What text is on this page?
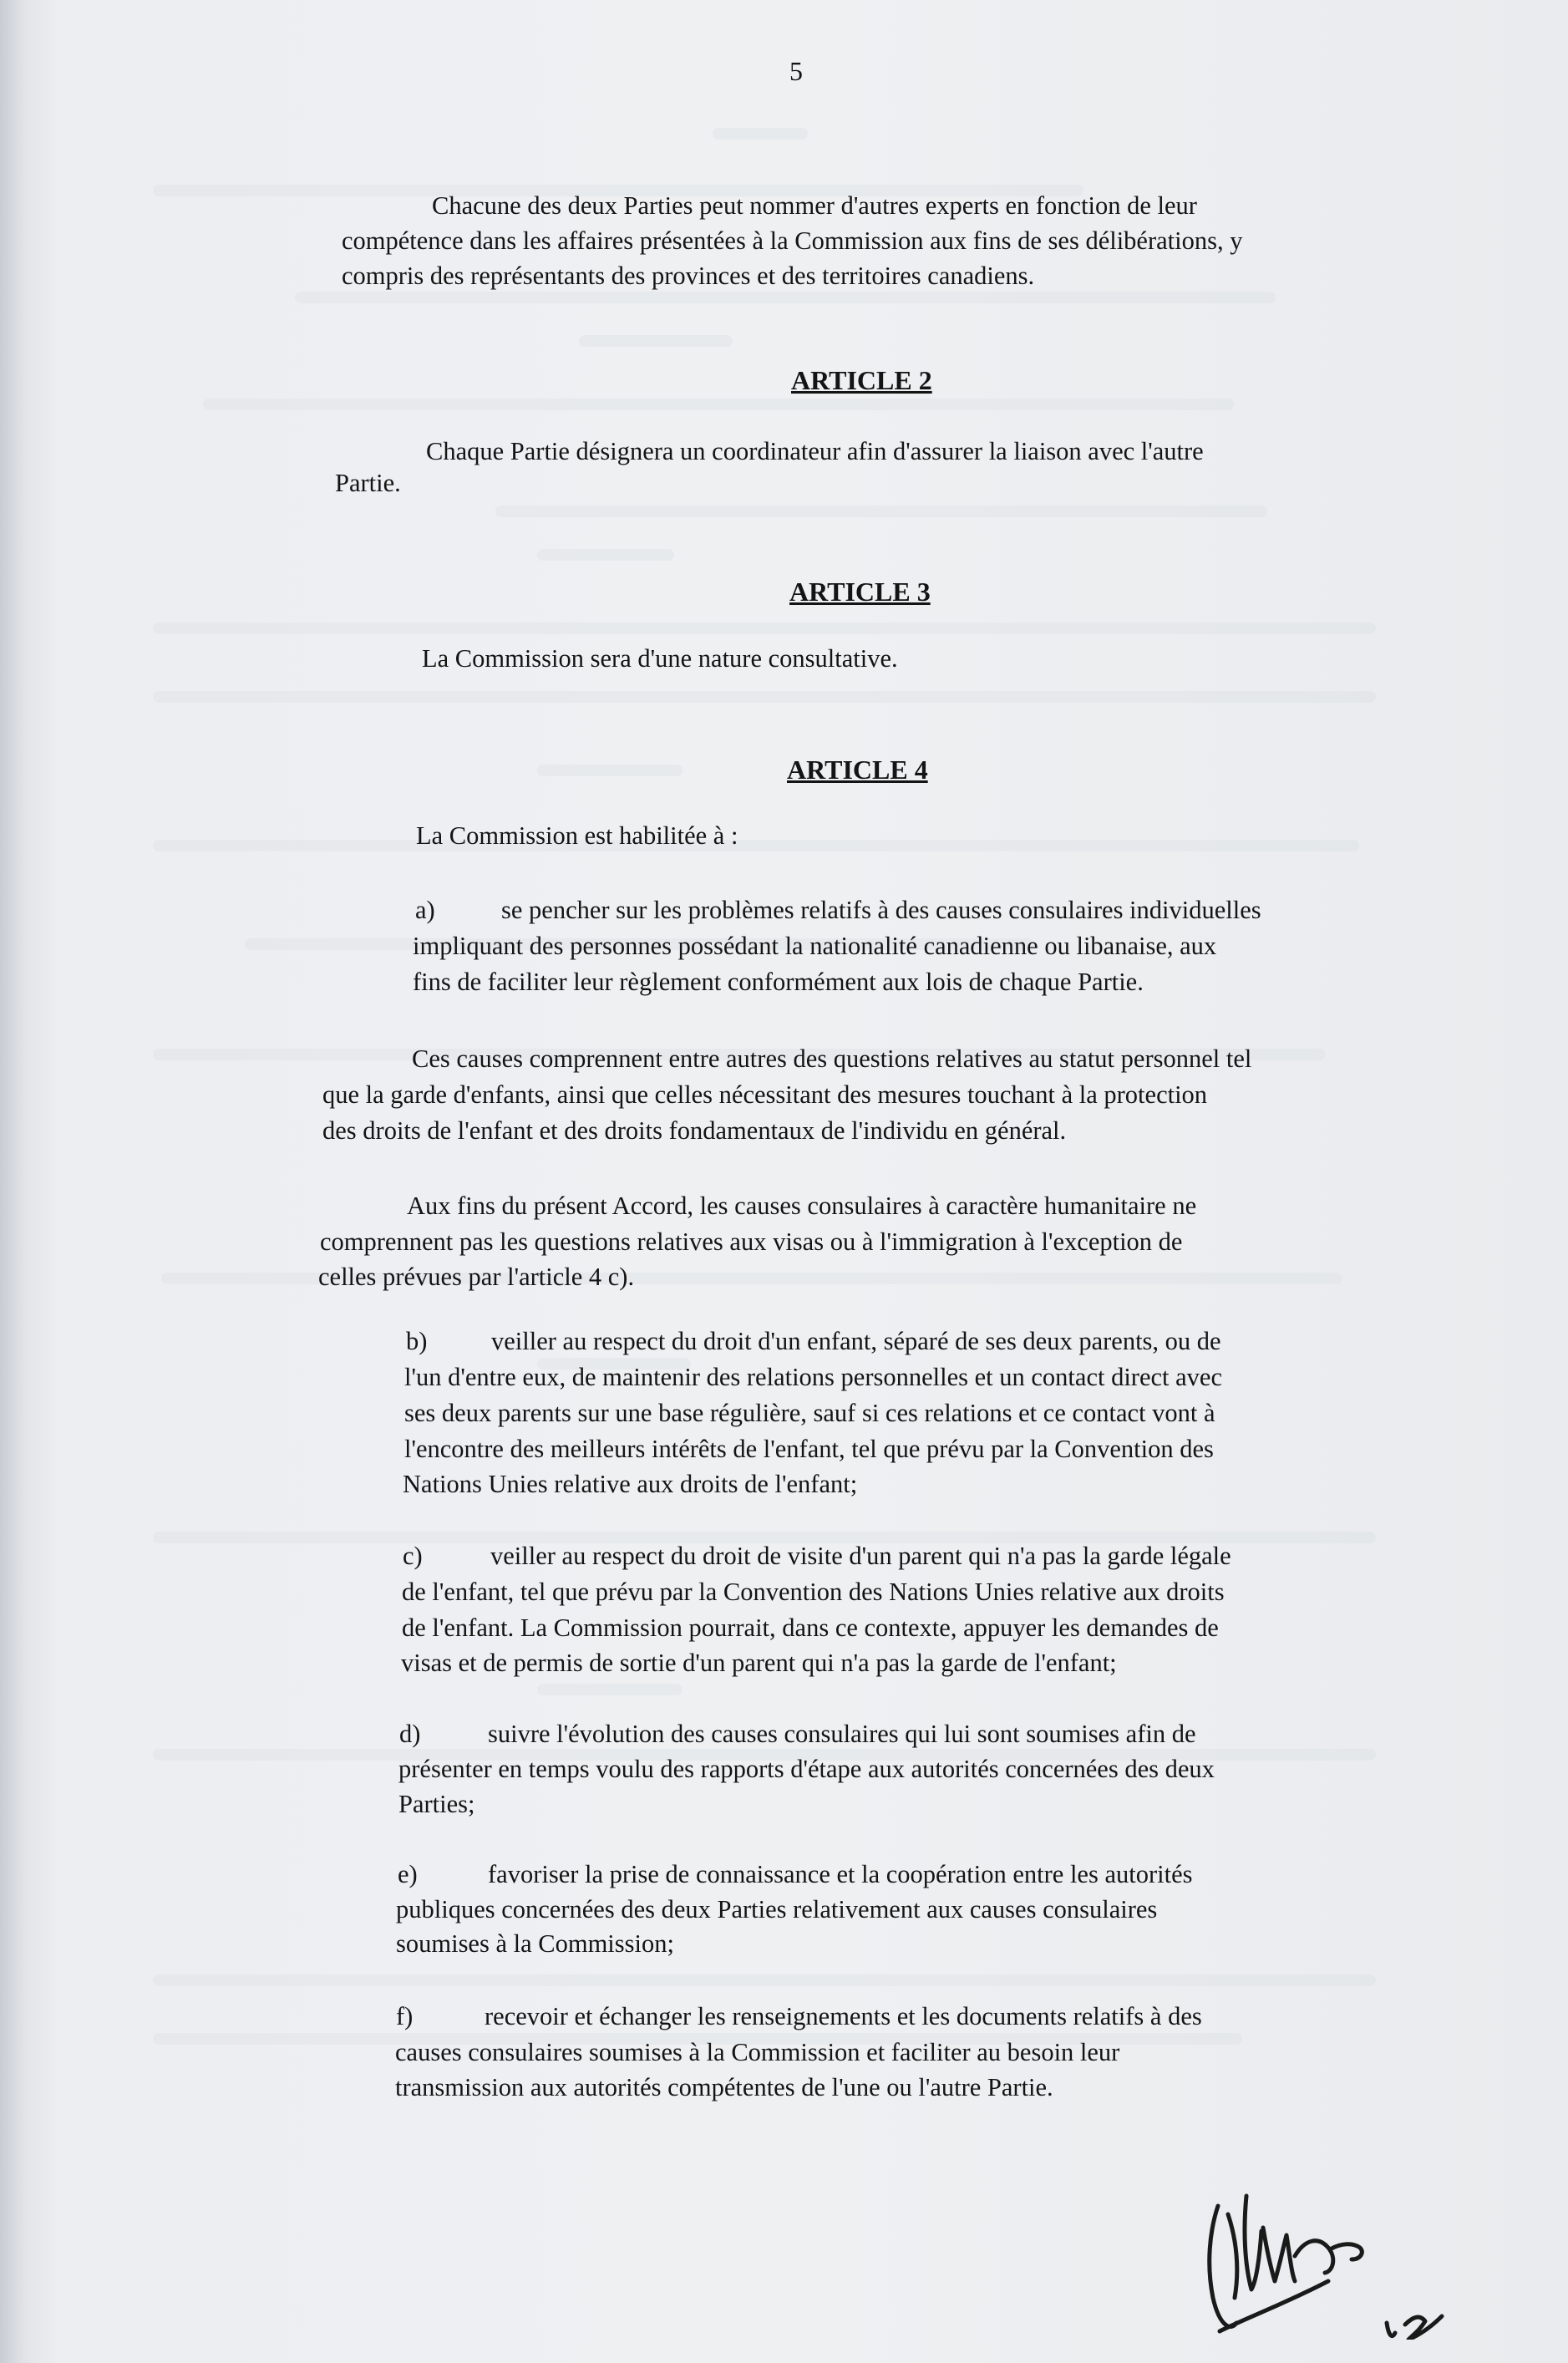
5
Chacune des deux Parties peut nommer d'autres experts en fonction de leur
compétence dans les affaires présentées à la Commission aux fins de ses délibérations, y
compris des représentants des provinces et des territoires canadiens.
ARTICLE 2
Chaque Partie désignera un coordinateur afin d'assurer la liaison avec l'autre
Partie.
ARTICLE 3
La Commission sera d'une nature consultative.
ARTICLE 4
La Commission est habilitée à :
a)	se pencher sur les problèmes relatifs à des causes consulaires individuelles
impliquant des personnes possédant la nationalité canadienne ou libanaise, aux
fins de faciliter leur règlement conformément aux lois de chaque Partie.
Ces causes comprennent entre autres des questions relatives au statut personnel tel
que la garde d'enfants, ainsi que celles nécessitant des mesures touchant à la protection
des droits de l'enfant et des droits fondamentaux de l'individu en général.
Aux fins du présent Accord, les causes consulaires à caractère humanitaire ne
comprennent pas les questions relatives aux visas ou à l'immigration à l'exception de
celles prévues par l'article 4 c).
b)	veiller au respect du droit d'un enfant, séparé de ses deux parents, ou de
l'un d'entre eux, de maintenir des relations personnelles et un contact direct avec
ses deux parents sur une base régulière, sauf si ces relations et ce contact vont à
l'encontre des meilleurs intérêts de l'enfant, tel que prévu par la Convention des
Nations Unies relative aux droits de l'enfant;
c)	veiller au respect du droit de visite d'un parent qui n'a pas la garde légale
de l'enfant, tel que prévu par la Convention des Nations Unies relative aux droits
de l'enfant. La Commission pourrait, dans ce contexte, appuyer les demandes de
visas et de permis de sortie d'un parent qui n'a pas la garde de l'enfant;
d)	suivre l'évolution des causes consulaires qui lui sont soumises afin de
présenter en temps voulu des rapports d'étape aux autorités concernées des deux
Parties;
e)	favoriser la prise de connaissance et la coopération entre les autorités
publiques concernées des deux Parties relativement aux causes consulaires
soumises à la Commission;
f)	recevoir et échanger les renseignements et les documents relatifs à des
causes consulaires soumises à la Commission et faciliter au besoin leur
transmission aux autorités compétentes de l'une ou l'autre Partie.
